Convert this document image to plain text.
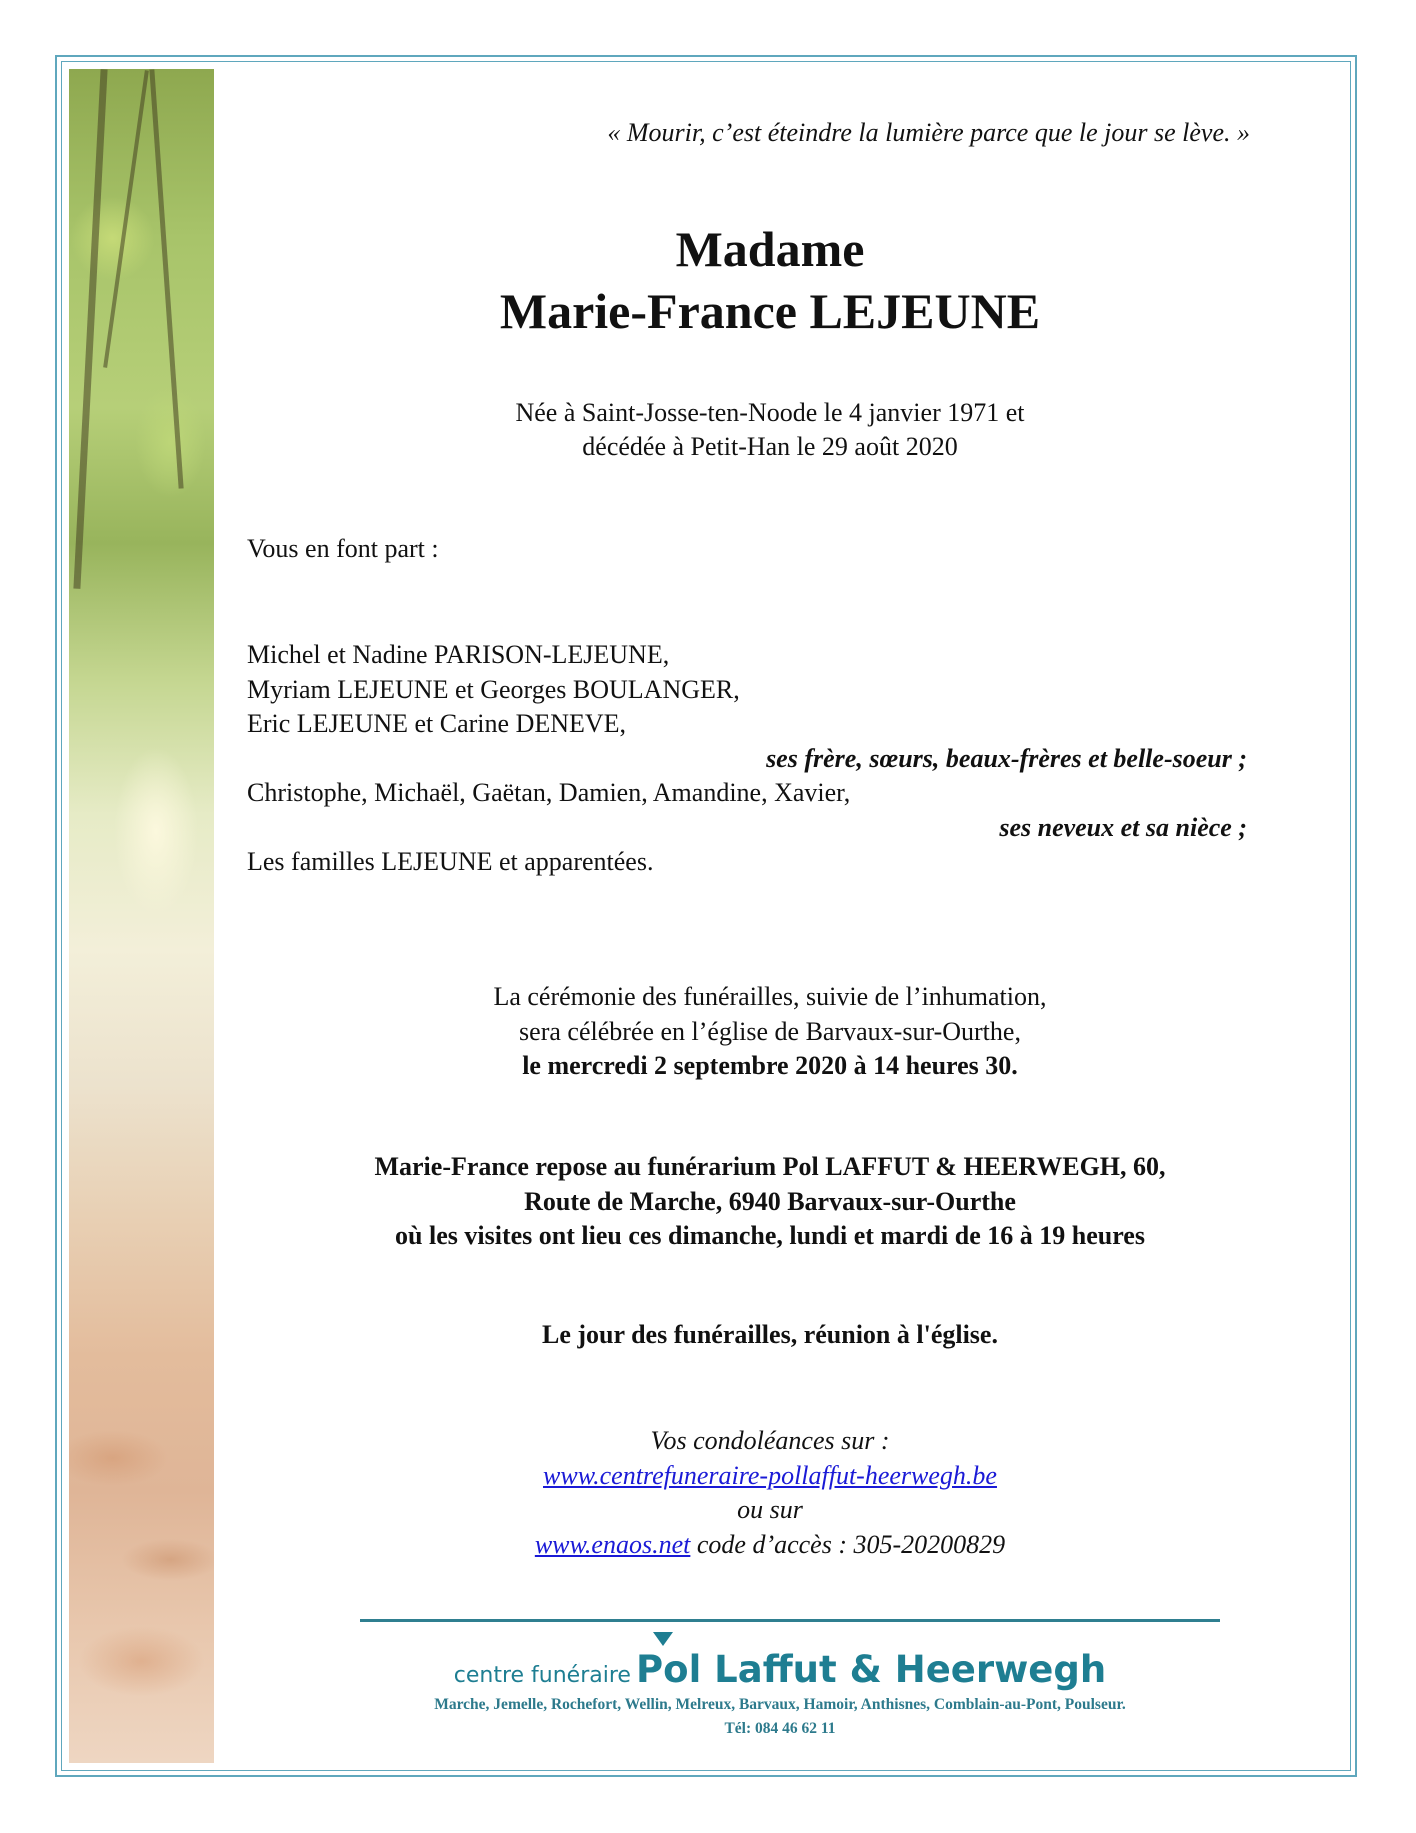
« Mourir, c’est éteindre la lumière parce que le jour se lève. »
Madame
Marie-France LEJEUNE
Née à Saint-Josse-ten-Noode le 4 janvier 1971 et
décédée à Petit-Han le 29 août 2020
Vous en font part :
Michel et Nadine PARISON-LEJEUNE,
Myriam LEJEUNE et Georges BOULANGER,
Eric LEJEUNE et Carine DENEVE,
ses frère, sœurs, beaux-frères et belle-soeur ;
Christophe, Michaël, Gaëtan, Damien, Amandine, Xavier,
ses neveux et sa nièce ;
Les familles LEJEUNE et apparentées.
La cérémonie des funérailles, suivie de l’inhumation,
sera célébrée en l’église de Barvaux-sur-Ourthe,
le mercredi 2 septembre 2020 à 14 heures 30.
Marie-France repose au funérarium Pol LAFFUT & HEERWEGH, 60,
Route de Marche, 6940 Barvaux-sur-Ourthe
où les visites ont lieu ces dimanche, lundi et mardi de 16 à 19 heures
Le jour des funérailles, réunion à l'église.
Vos condoléances sur :
www.centrefuneraire-pollaffut-heerwegh.be
ou sur
www.enaos.net code d’accès : 305-20200829
centre funéraire Pol Laffut & Heerwegh
Marche, Jemelle, Rochefort, Wellin, Melreux, Barvaux, Hamoir, Anthisnes, Comblain-au-Pont, Poulseur.
Tél: 084 46 62 11
